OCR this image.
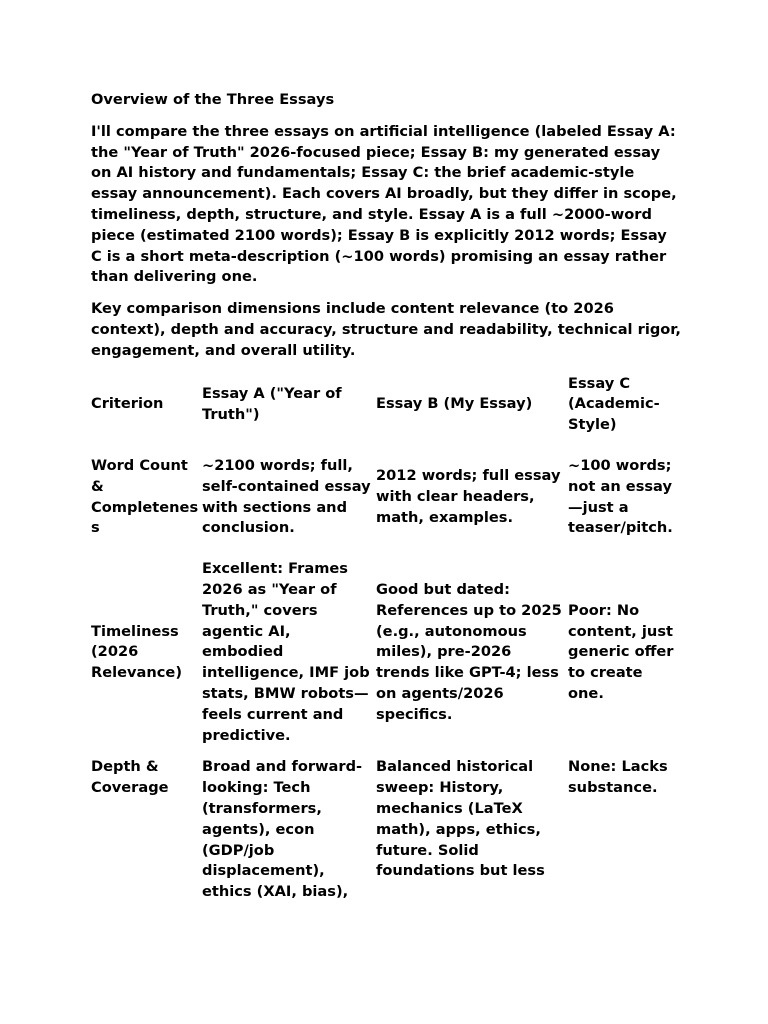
Overview of the Three Essays

I'll compare the three essays on artificial intelligence (labeled Essay A: the "Year of Truth" 2026-focused piece; Essay B: my generated essay on AI history and fundamentals; Essay C: the brief academic-style essay announcement). Each covers AI broadly, but they differ in scope, timeliness, depth, structure, and style. Essay A is a full ~2000-word piece (estimated 2100 words); Essay B is explicitly 2012 words; Essay C is a short meta-description (~100 words) promising an essay rather than delivering one.

Key comparison dimensions include content relevance (to 2026 context), depth and accuracy, structure and readability, technical rigor, engagement, and overall utility.

Criterion	Essay A ("Year of Truth")	Essay B (My Essay)	Essay C (Academic-Style)
Word Count & Completeness	~2100 words; full, self-contained essay with sections and conclusion.	2012 words; full essay with clear headers, math, examples.	~100 words; not an essay—just a teaser/pitch.
Timeliness (2026 Relevance)	Excellent: Frames 2026 as "Year of Truth," covers agentic AI, embodied intelligence, IMF job stats, BMW robots—feels current and predictive.	Good but dated: References up to 2025 (e.g., autonomous miles), pre-2026 trends like GPT-4; less on agents/2026 specifics.	Poor: No content, just generic offer to create one.
Depth & Coverage	Broad and forward-looking: Tech (transformers, agents), econ (GDP/job displacement), ethics (XAI, bias),	Balanced historical sweep: History, mechanics (LaTeX math), apps, ethics, future. Solid foundations but less	None: Lacks substance.
